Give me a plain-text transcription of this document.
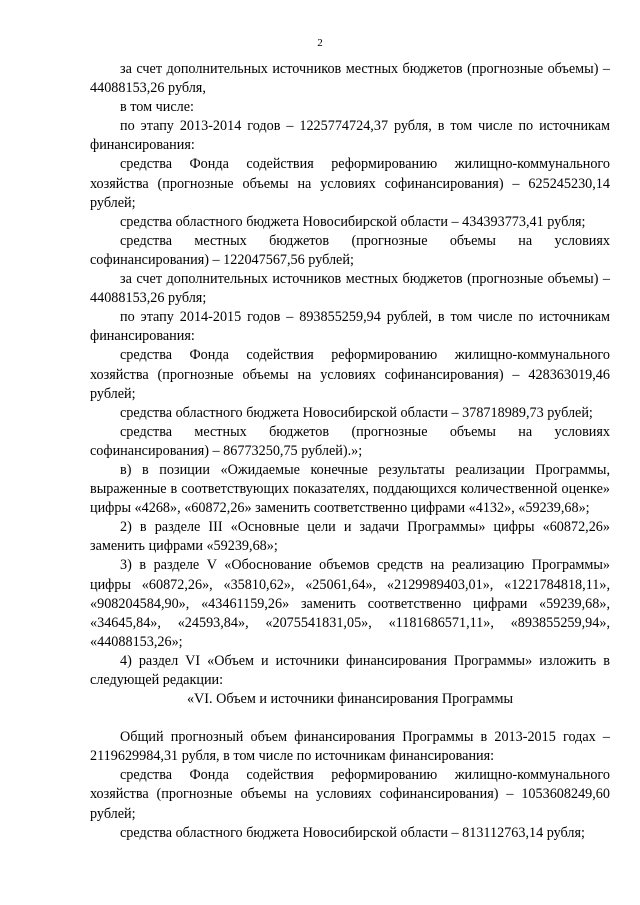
2

за счет дополнительных источников местных бюджетов (прогнозные объемы) – 44088153,26 рубля,

в том числе:

по этапу 2013-2014 годов – 1225774724,37 рубля, в том числе по источникам финансирования:

средства Фонда содействия реформированию жилищно-коммунального хозяйства (прогнозные объемы на условиях софинансирования) – 625245230,14 рублей;

средства областного бюджета Новосибирской области – 434393773,41 рубля;

средства местных бюджетов (прогнозные объемы на условиях софинансирования) – 122047567,56 рублей;

за счет дополнительных источников местных бюджетов (прогнозные объемы) – 44088153,26 рубля;

по этапу 2014-2015 годов – 893855259,94 рублей, в том числе по источникам финансирования:

средства Фонда содействия реформированию жилищно-коммунального хозяйства (прогнозные объемы на условиях софинансирования) – 428363019,46 рублей;

средства областного бюджета Новосибирской области – 378718989,73 рублей;

средства местных бюджетов (прогнозные объемы на условиях софинансирования) – 86773250,75 рублей).»;

в) в позиции «Ожидаемые конечные результаты реализации Программы, выраженные в соответствующих показателях, поддающихся количественной оценке» цифры «4268», «60872,26» заменить соответственно цифрами «4132», «59239,68»;

2) в разделе III «Основные цели и задачи Программы» цифры «60872,26» заменить цифрами «59239,68»;

3) в разделе V «Обоснование объемов средств на реализацию Программы» цифры «60872,26», «35810,62», «25061,64», «2129989403,01», «1221784818,11», «908204584,90», «43461159,26» заменить соответственно цифрами «59239,68», «34645,84», «24593,84», «2075541831,05», «1181686571,11», «893855259,94», «44088153,26»;

4) раздел VI «Объем и источники финансирования Программы» изложить в следующей редакции:

«VI. Объем и источники финансирования Программы

Общий прогнозный объем финансирования Программы в 2013-2015 годах – 2119629984,31 рубля, в том числе по источникам финансирования:

средства Фонда содействия реформированию жилищно-коммунального хозяйства (прогнозные объемы на условиях софинансирования) – 1053608249,60 рублей;

средства областного бюджета Новосибирской области – 813112763,14 рубля;
